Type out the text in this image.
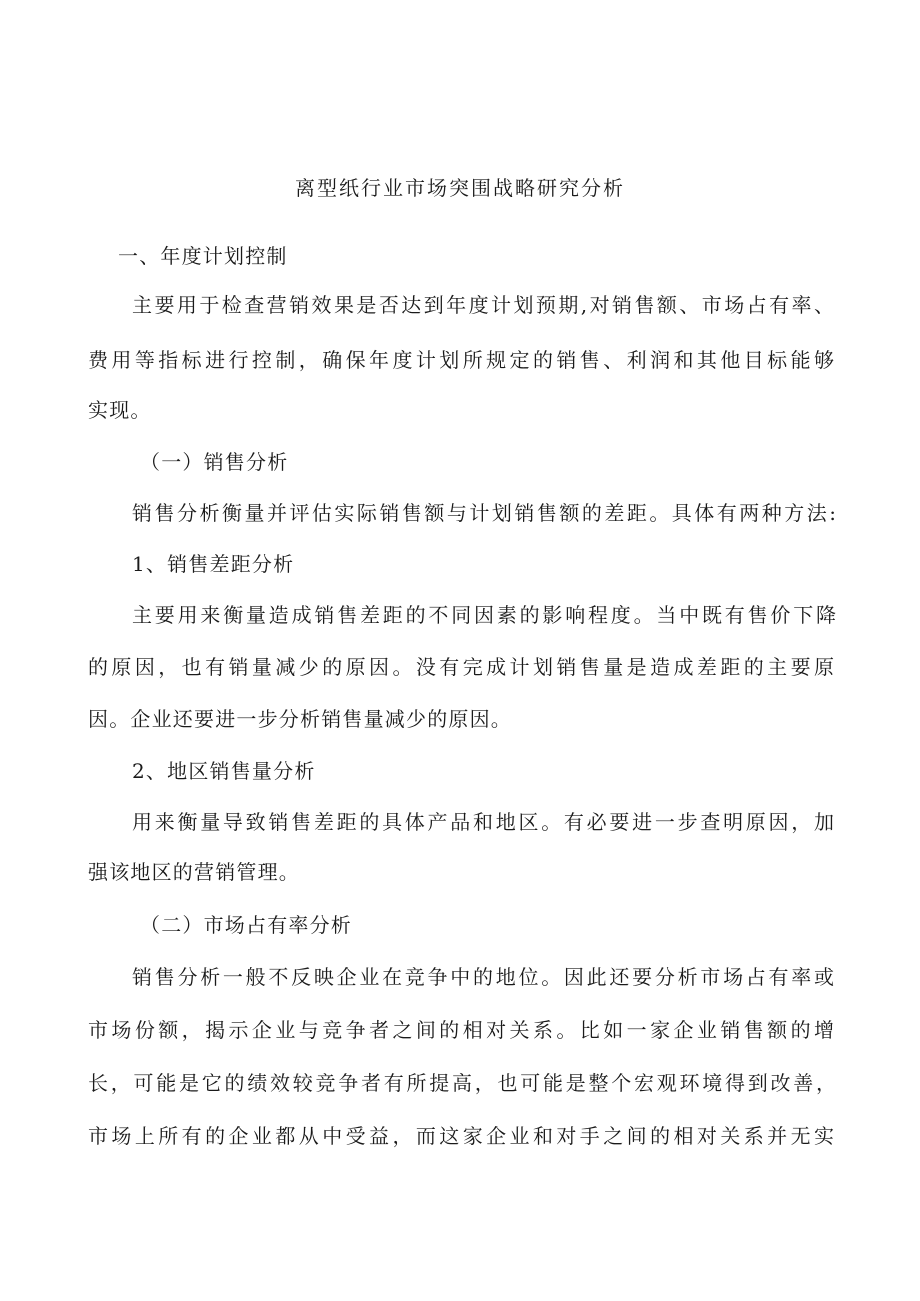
离型纸行业市场突围战略研究分析
一、年度计划控制
主要用于检查营销效果是否达到年度计划预期,对销售额、市场占有率、
费用等指标进行控制，确保年度计划所规定的销售、利润和其他目标能够
实现。
（一）销售分析
销售分析衡量并评估实际销售额与计划销售额的差距。具体有两种方法:
1、销售差距分析
主要用来衡量造成销售差距的不同因素的影响程度。当中既有售价下降
的原因，也有销量减少的原因。没有完成计划销售量是造成差距的主要原
因。企业还要进一步分析销售量减少的原因。
2、地区销售量分析
用来衡量导致销售差距的具体产品和地区。有必要进一步查明原因，加
强该地区的营销管理。
（二）市场占有率分析
销售分析一般不反映企业在竞争中的地位。因此还要分析市场占有率或
市场份额，揭示企业与竞争者之间的相对关系。比如一家企业销售额的增
长，可能是它的绩效较竞争者有所提高，也可能是整个宏观环境得到改善，
市场上所有的企业都从中受益，而这家企业和对手之间的相对关系并无实
